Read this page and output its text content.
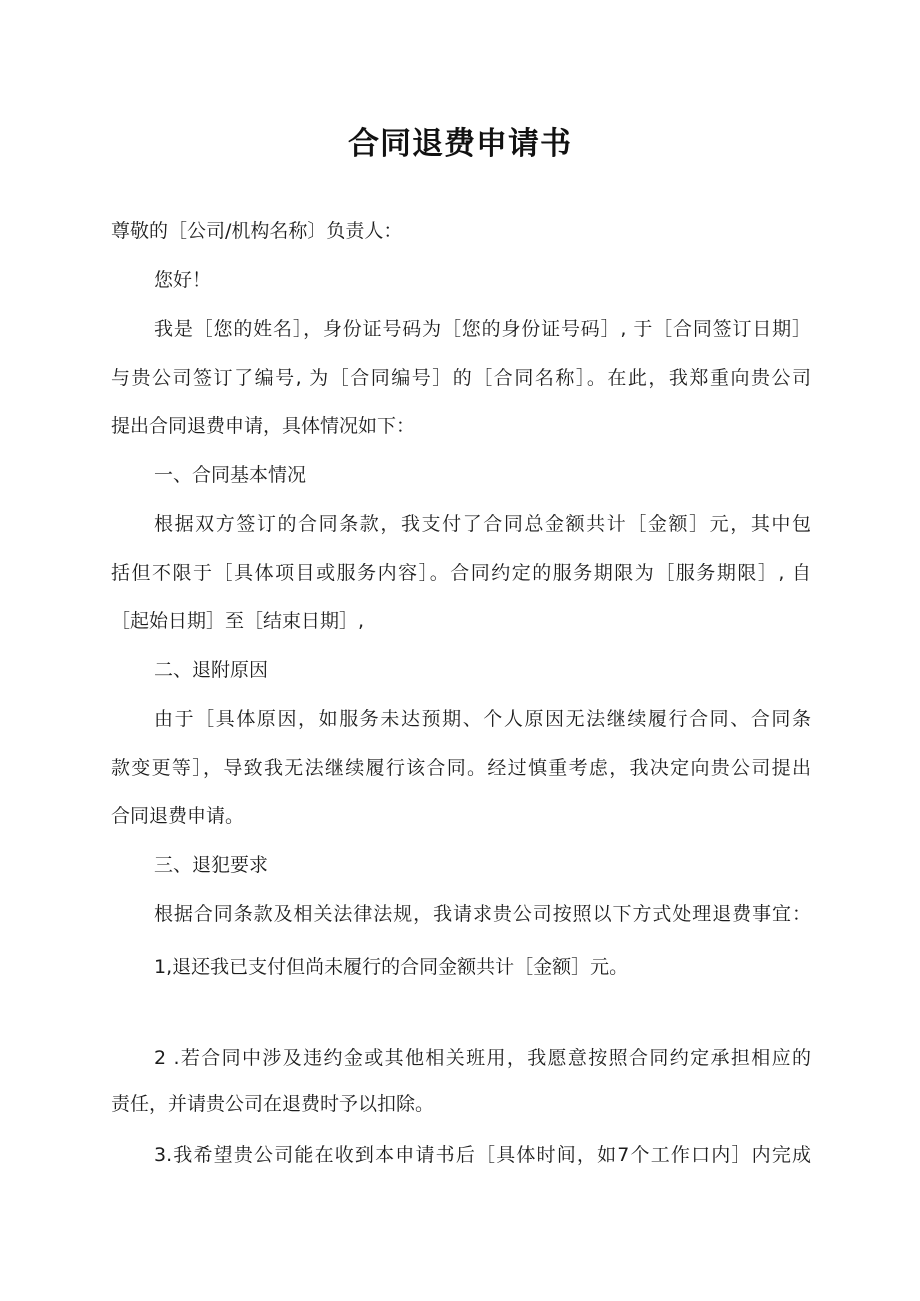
合同退费申请书
尊敬的［公司/机构名称〕负责人：
您好！
我是［您的姓名］，身份证号码为［您的身份证号码］, 于［合同签订日期］
与贵公司签订了编号, 为［合同编号］的［合同名称］。在此，我郑重向贵公司
提出合同退费申请，具体情况如下：
一、合同基本情况
根据双方签订的合同条款，我支付了合同总金额共计［金额］元，其中包
括但不限于［具体项目或服务内容］。合同约定的服务期限为［服务期限］, 自
［起始日期］至［结束日期］,
二、退附原因
由于［具体原因，如服务未达预期、个人原因无法继续履行合同、合同条
款变更等］，导致我无法继续履行该合同。经过慎重考虑，我决定向贵公司提出
合同退费申请。
三、退犯要求
根据合同条款及相关法律法规，我请求贵公司按照以下方式处理退费事宜：
1,退还我已支付但尚未履行的合同金额共计［金额］元。
2 .若合同中涉及违约金或其他相关班用，我愿意按照合同约定承担相应的
责任，并请贵公司在退费时予以扣除。
3.我希望贵公司能在收到本申请书后［具体时间，如7个工作口内］内完成
